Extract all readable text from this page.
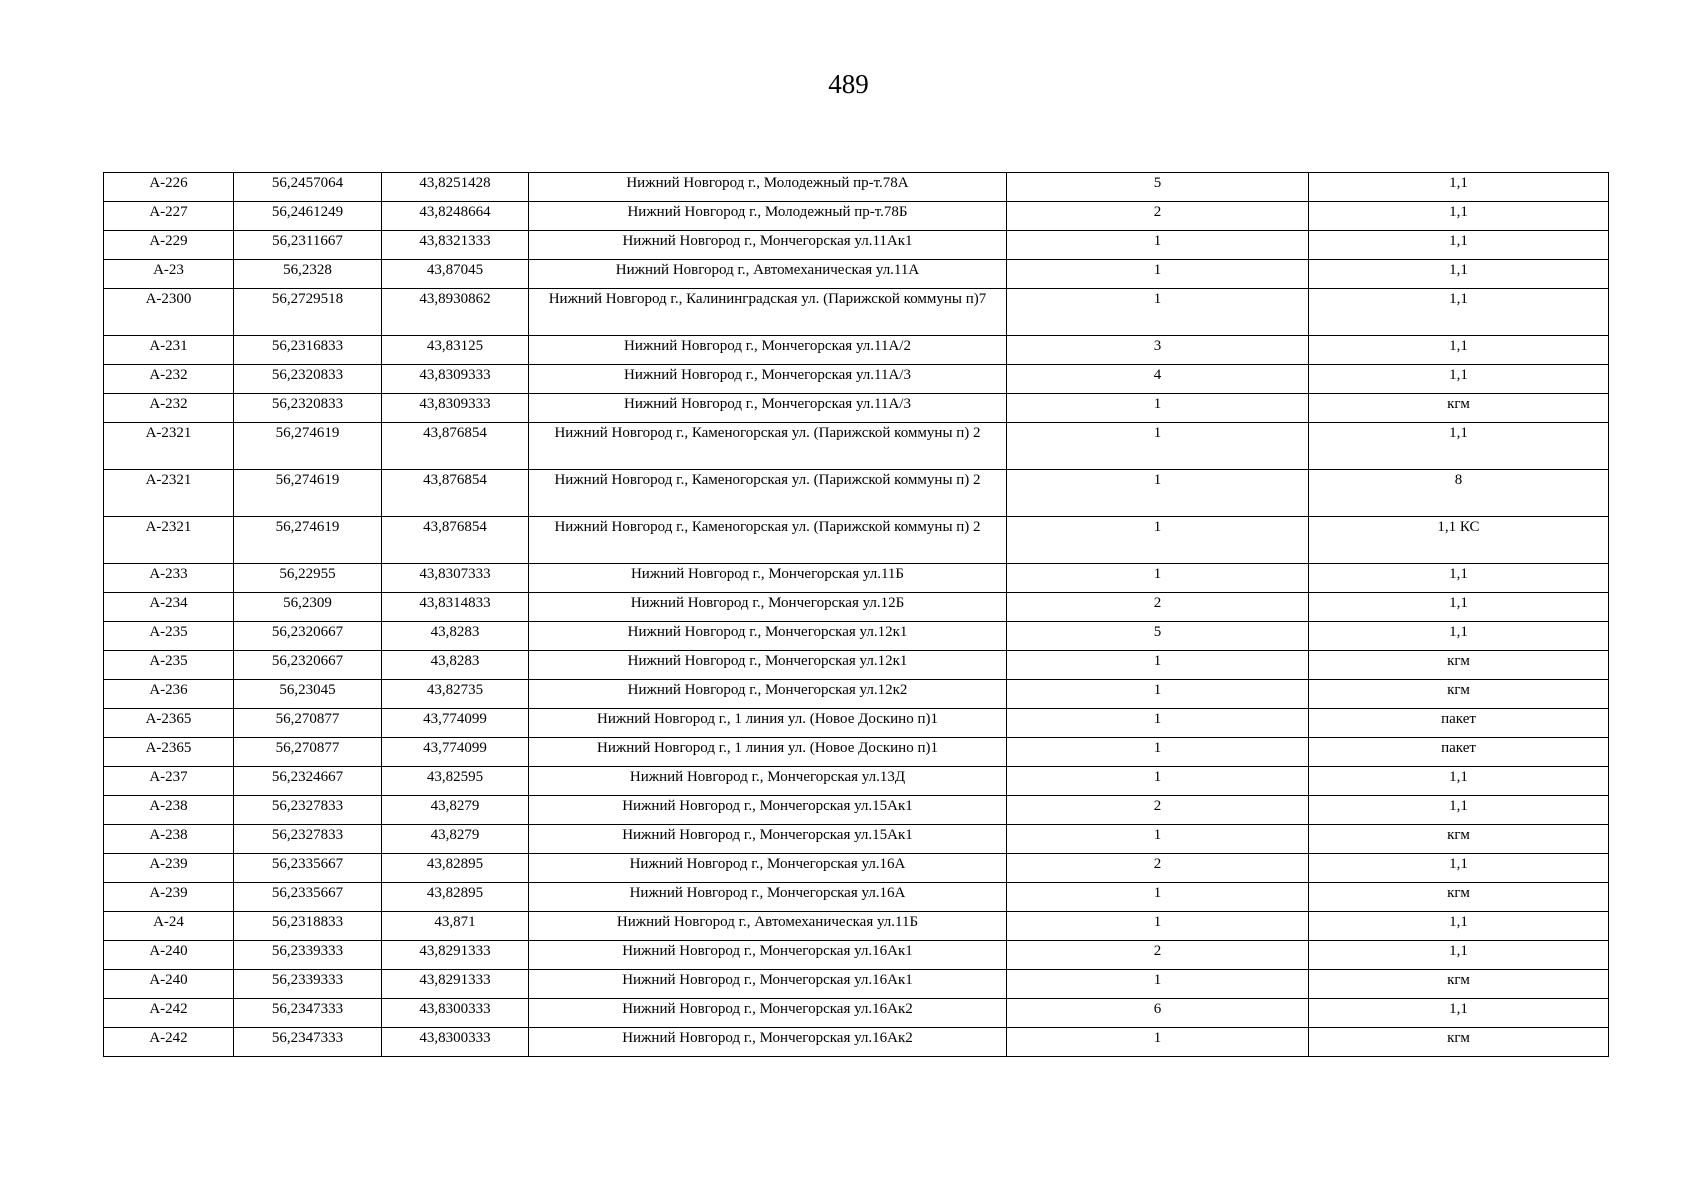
489
А-226	56,2457064	43,8251428	Нижний Новгород г., Молодежный пр-т.78А	5	1,1
А-227	56,2461249	43,8248664	Нижний Новгород г., Молодежный пр-т.78Б	2	1,1
А-229	56,2311667	43,8321333	Нижний Новгород г., Мончегорская ул.11Ак1	1	1,1
А-23	56,2328	43,87045	Нижний Новгород г., Автомеханическая ул.11А	1	1,1
А-2300	56,2729518	43,8930862	Нижний Новгород г., Калининградская ул. (Парижской коммуны п)7	1	1,1
А-231	56,2316833	43,83125	Нижний Новгород г., Мончегорская ул.11А/2	3	1,1
А-232	56,2320833	43,8309333	Нижний Новгород г., Мончегорская ул.11А/3	4	1,1
А-232	56,2320833	43,8309333	Нижний Новгород г., Мончегорская ул.11А/3	1	кгм
А-2321	56,274619	43,876854	Нижний Новгород г., Каменогорская ул. (Парижской коммуны п) 2	1	1,1
А-2321	56,274619	43,876854	Нижний Новгород г., Каменогорская ул. (Парижской коммуны п) 2	1	8
А-2321	56,274619	43,876854	Нижний Новгород г., Каменогорская ул. (Парижской коммуны п) 2	1	1,1 КС
А-233	56,22955	43,8307333	Нижний Новгород г., Мончегорская ул.11Б	1	1,1
А-234	56,2309	43,8314833	Нижний Новгород г., Мончегорская ул.12Б	2	1,1
А-235	56,2320667	43,8283	Нижний Новгород г., Мончегорская ул.12к1	5	1,1
А-235	56,2320667	43,8283	Нижний Новгород г., Мончегорская ул.12к1	1	кгм
А-236	56,23045	43,82735	Нижний Новгород г., Мончегорская ул.12к2	1	кгм
А-2365	56,270877	43,774099	Нижний Новгород г., 1 линия ул. (Новое Доскино п)1	1	пакет
А-2365	56,270877	43,774099	Нижний Новгород г., 1 линия ул. (Новое Доскино п)1	1	пакет
А-237	56,2324667	43,82595	Нижний Новгород г., Мончегорская ул.13Д	1	1,1
А-238	56,2327833	43,8279	Нижний Новгород г., Мончегорская ул.15Ак1	2	1,1
А-238	56,2327833	43,8279	Нижний Новгород г., Мончегорская ул.15Ак1	1	кгм
А-239	56,2335667	43,82895	Нижний Новгород г., Мончегорская ул.16А	2	1,1
А-239	56,2335667	43,82895	Нижний Новгород г., Мончегорская ул.16А	1	кгм
А-24	56,2318833	43,871	Нижний Новгород г., Автомеханическая ул.11Б	1	1,1
А-240	56,2339333	43,8291333	Нижний Новгород г., Мончегорская ул.16Ак1	2	1,1
А-240	56,2339333	43,8291333	Нижний Новгород г., Мончегорская ул.16Ак1	1	кгм
А-242	56,2347333	43,8300333	Нижний Новгород г., Мончегорская ул.16Ак2	6	1,1
А-242	56,2347333	43,8300333	Нижний Новгород г., Мончегорская ул.16Ак2	1	кгм
